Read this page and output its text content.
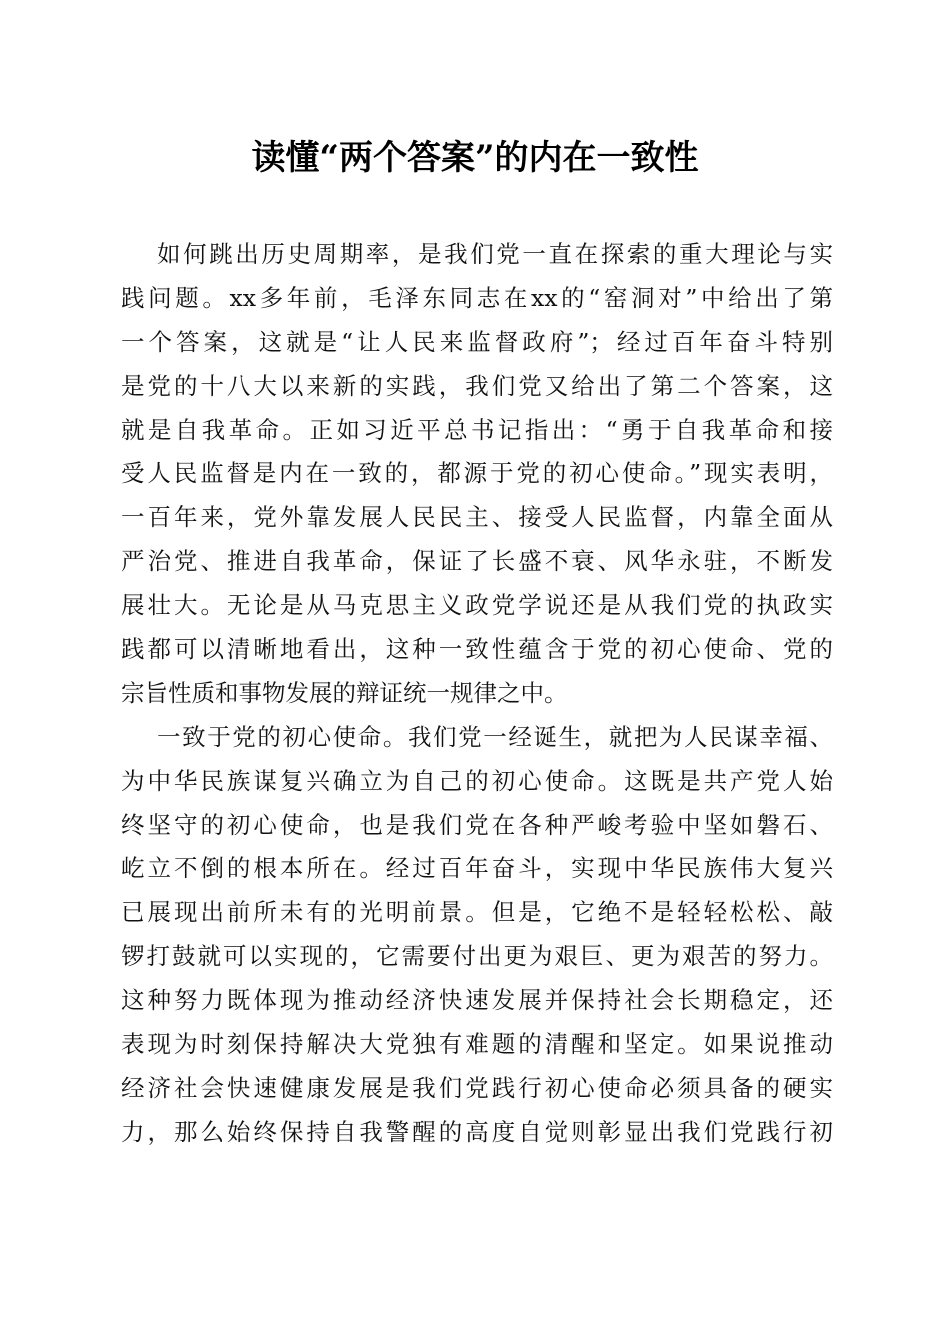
读懂“两个答案”的内在一致性
如何跳出历史周期率，是我们党一直在探索的重大理论与实
践问题。xx多年前，毛泽东同志在xx的“窑洞对”中给出了第
一个答案，这就是“让人民来监督政府”；经过百年奋斗特别
是党的十八大以来新的实践，我们党又给出了第二个答案，这
就是自我革命。正如习近平总书记指出：“勇于自我革命和接
受人民监督是内在一致的，都源于党的初心使命。”现实表明，
一百年来，党外靠发展人民民主、接受人民监督，内靠全面从
严治党、推进自我革命，保证了长盛不衰、风华永驻，不断发
展壮大。无论是从马克思主义政党学说还是从我们党的执政实
践都可以清晰地看出，这种一致性蕴含于党的初心使命、党的
宗旨性质和事物发展的辩证统一规律之中。
一致于党的初心使命。我们党一经诞生，就把为人民谋幸福、
为中华民族谋复兴确立为自己的初心使命。这既是共产党人始
终坚守的初心使命，也是我们党在各种严峻考验中坚如磐石、
屹立不倒的根本所在。经过百年奋斗，实现中华民族伟大复兴
已展现出前所未有的光明前景。但是，它绝不是轻轻松松、敲
锣打鼓就可以实现的，它需要付出更为艰巨、更为艰苦的努力。
这种努力既体现为推动经济快速发展并保持社会长期稳定，还
表现为时刻保持解决大党独有难题的清醒和坚定。如果说推动
经济社会快速健康发展是我们党践行初心使命必须具备的硬实
力，那么始终保持自我警醒的高度自觉则彰显出我们党践行初
